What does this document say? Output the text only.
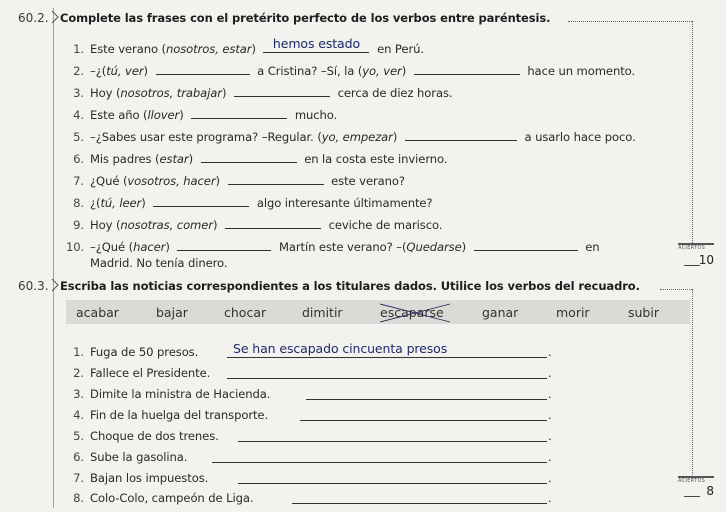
60.2. Complete las frases con el pretérito perfecto de los verbos entre paréntesis.
1. Este verano (nosotros, estar)	hemos estado	en Perú.
2. –¿(tú, ver)	a Cristina? –Sí, la (yo, ver)	hace un momento.
3. Hoy (nosotros, trabajar)	cerca de diez horas.
4. Este año (llover)	mucho.
5. –¿Sabes usar este programa? –Regular. (yo, empezar)	a usarlo hace poco.
6. Mis padres (estar)	en la costa este invierno.
7. ¿Qué (vosotros, hacer)	este verano?
8. ¿(tú, leer)	algo interesante últimamente?
9. Hoy (nosotras, comer)	ceviche de marisco.
10. –¿Qué (hacer)	Martín este verano? –(Quedarse)	en
Madrid. No tenía dinero.
ACIERTOS
10
60.3. Escriba las noticias correspondientes a los titulares dados. Utilice los verbos del recuadro.
acabar	bajar	chocar	dimitir	escaparse	ganar	morir	subir
1. Fuga de 50 presos.	Se han escapado cincuenta presos	.
2. Fallece el Presidente.	.
3. Dimite la ministra de Hacienda.	.
4. Fin de la huelga del transporte.	.
5. Choque de dos trenes.	.
6. Sube la gasolina.	.
7. Bajan los impuestos.	.
8. Colo-Colo, campeón de Liga.	.
ACIERTOS
8
